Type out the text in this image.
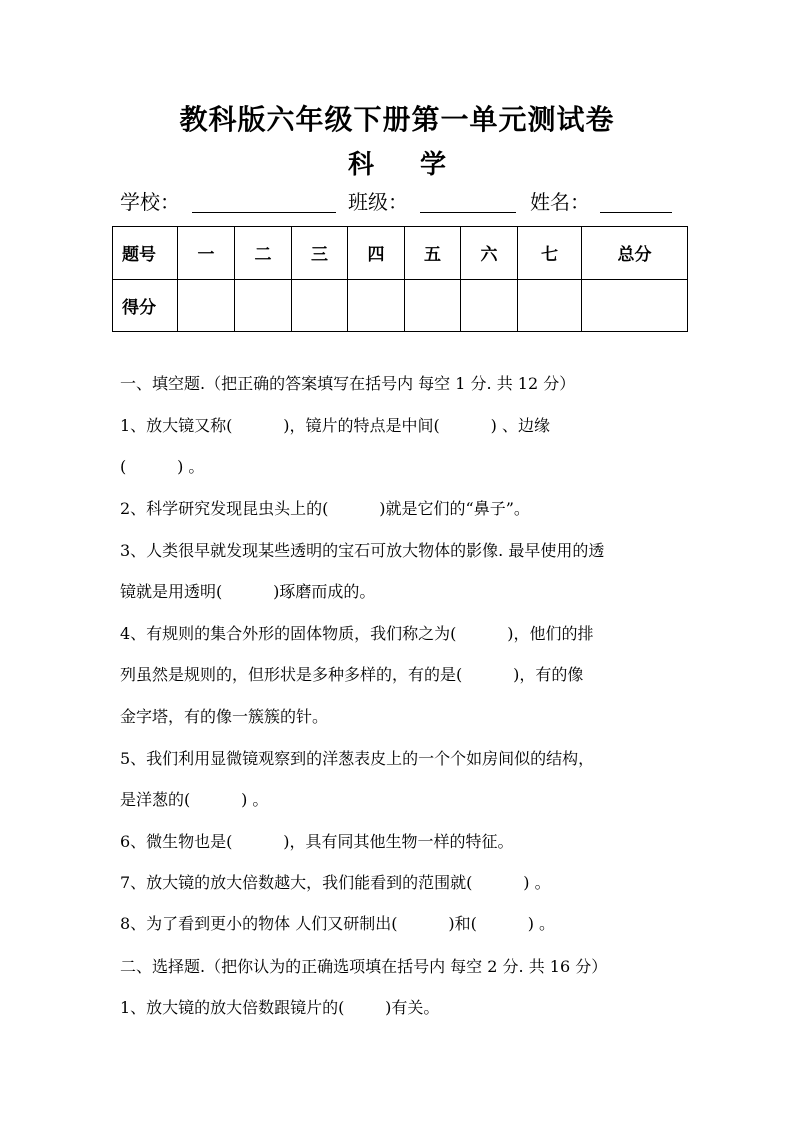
教科版六年级下册第一单元测试卷
科 学
学校：	班级：	姓名：
题号	一	二	三	四	五	六	七	总分
得分								
一、填空题.（把正确的答案填写在括号内 每空 1 分. 共 12 分）
1、放大镜又称(          )，镜片的特点是中间(          ) 、边缘
(          ) 。
2、科学研究发现昆虫头上的(          )就是它们的“鼻子”。
3、人类很早就发现某些透明的宝石可放大物体的影像. 最早使用的透
镜就是用透明(          )琢磨而成的。
4、有规则的集合外形的固体物质，我们称之为(          )，他们的排
列虽然是规则的，但形状是多种多样的，有的是(          )，有的像
金字塔，有的像一簇簇的针。
5、我们利用显微镜观察到的洋葱表皮上的一个个如房间似的结构，
是洋葱的(          ) 。
6、微生物也是(          )，具有同其他生物一样的特征。
7、放大镜的放大倍数越大，我们能看到的范围就(          ) 。
8、为了看到更小的物体 人们又研制出(          )和(          ) 。
二、选择题.（把你认为的正确选项填在括号内 每空 2 分. 共 16 分）
1、放大镜的放大倍数跟镜片的(        )有关。
